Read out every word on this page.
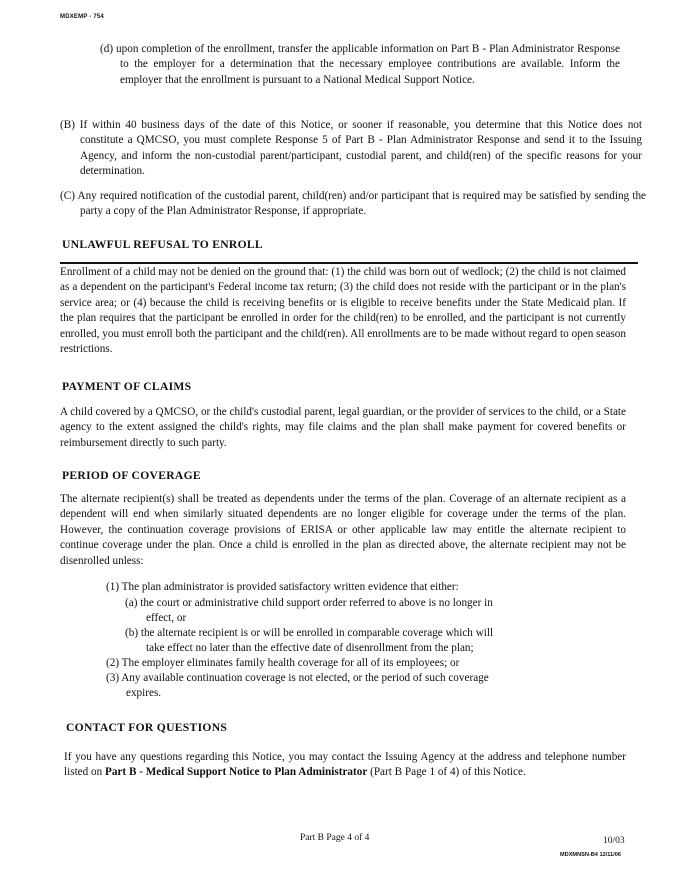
MDXEMP - 754

(d) upon completion of the enrollment, transfer the applicable information on Part B - Plan Administrator Response to the employer for a determination that the necessary employee contributions are available. Inform the employer that the enrollment is pursuant to a National Medical Support Notice.

(B) If within 40 business days of the date of this Notice, or sooner if reasonable, you determine that this Notice does not constitute a QMCSO, you must complete Response 5 of Part B - Plan Administrator Response and send it to the Issuing Agency, and inform the non-custodial parent/participant, custodial parent, and child(ren) of the specific reasons for your determination.

(C) Any required notification of the custodial parent, child(ren) and/or participant that is required may be satisfied by sending the party a copy of the Plan Administrator Response, if appropriate.

UNLAWFUL REFUSAL TO ENROLL

Enrollment of a child may not be denied on the ground that: (1) the child was born out of wedlock; (2) the child is not claimed as a dependent on the participant's Federal income tax return; (3) the child does not reside with the participant or in the plan's service area; or (4) because the child is receiving benefits or is eligible to receive benefits under the State Medicaid plan. If the plan requires that the participant be enrolled in order for the child(ren) to be enrolled, and the participant is not currently enrolled, you must enroll both the participant and the child(ren). All enrollments are to be made without regard to open season restrictions.

PAYMENT OF CLAIMS

A child covered by a QMCSO, or the child's custodial parent, legal guardian, or the provider of services to the child, or a State agency to the extent assigned the child's rights, may file claims and the plan shall make payment for covered benefits or reimbursement directly to such party.

PERIOD OF COVERAGE

The alternate recipient(s) shall be treated as dependents under the terms of the plan. Coverage of an alternate recipient as a dependent will end when similarly situated dependents are no longer eligible for coverage under the terms of the plan. However, the continuation coverage provisions of ERISA or other applicable law may entitle the alternate recipient to continue coverage under the plan. Once a child is enrolled in the plan as directed above, the alternate recipient may not be disenrolled unless:

(1) The plan administrator is provided satisfactory written evidence that either:

(a) the court or administrative child support order referred to above is no longer in

effect, or

(b) the alternate recipient is or will be enrolled in comparable coverage which will

take effect no later than the effective date of disenrollment from the plan;

(2) The employer eliminates family health coverage for all of its employees; or

(3) Any available continuation coverage is not elected, or the period of such coverage

expires.

CONTACT FOR QUESTIONS

If you have any questions regarding this Notice, you may contact the Issuing Agency at the address and telephone number listed on Part B - Medical Support Notice to Plan Administrator (Part B Page 1 of 4) of this Notice.

Part B Page 4 of 4	10/03
MDXMNSN-B4 12/11/06
